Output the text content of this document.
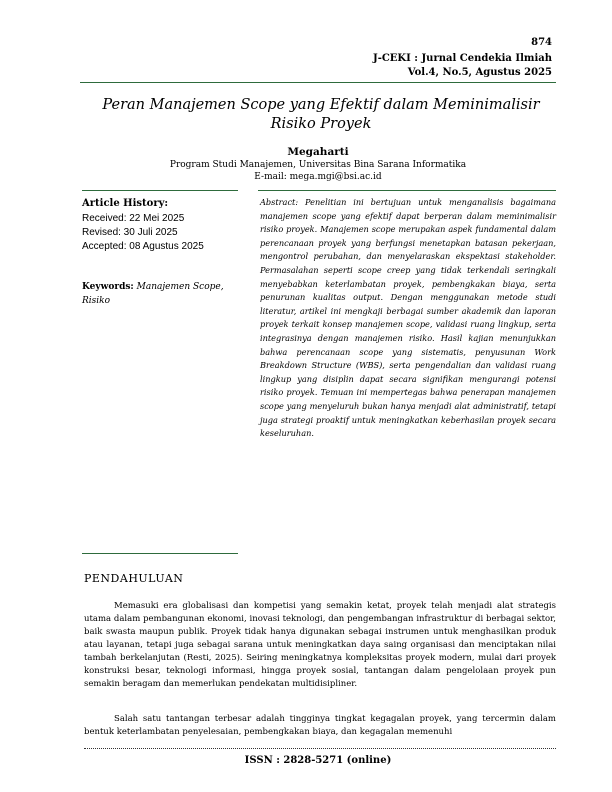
874
J-CEKI : Jurnal Cendekia Ilmiah
Vol.4, No.5, Agustus 2025
Peran Manajemen Scope yang Efektif dalam Meminimalisir Risiko Proyek
Megaharti
Program Studi Manajemen, Universitas Bina Sarana Informatika
E-mail: mega.mgi@bsi.ac.id
Article History:
Received: 22 Mei 2025
Revised: 30 Juli 2025
Accepted: 08 Agustus 2025
Keywords: Manajemen Scope, Risiko
Abstract: Penelitian ini bertujuan untuk menganalisis bagaimana manajemen scope yang efektif dapat berperan dalam meminimalisir risiko proyek. Manajemen scope merupakan aspek fundamental dalam perencanaan proyek yang berfungsi menetapkan batasan pekerjaan, mengontrol perubahan, dan menyelaraskan ekspektasi stakeholder. Permasalahan seperti scope creep yang tidak terkendali seringkali menyebabkan keterlambatan proyek, pembengkakan biaya, serta penurunan kualitas output. Dengan menggunakan metode studi literatur, artikel ini mengkaji berbagai sumber akademik dan laporan proyek terkait konsep manajemen scope, validasi ruang lingkup, serta integrasinya dengan manajemen risiko. Hasil kajian menunjukkan bahwa perencanaan scope yang sistematis, penyusunan Work Breakdown Structure (WBS), serta pengendalian dan validasi ruang lingkup yang disiplin dapat secara signifikan mengurangi potensi risiko proyek. Temuan ini mempertegas bahwa penerapan manajemen scope yang menyeluruh bukan hanya menjadi alat administratif, tetapi juga strategi proaktif untuk meningkatkan keberhasilan proyek secara keseluruhan.
PENDAHULUAN
Memasuki era globalisasi dan kompetisi yang semakin ketat, proyek telah menjadi alat strategis utama dalam pembangunan ekonomi, inovasi teknologi, dan pengembangan infrastruktur di berbagai sektor, baik swasta maupun publik. Proyek tidak hanya digunakan sebagai instrumen untuk menghasilkan produk atau layanan, tetapi juga sebagai sarana untuk meningkatkan daya saing organisasi dan menciptakan nilai tambah berkelanjutan (Resti, 2025). Seiring meningkatnya kompleksitas proyek modern, mulai dari proyek konstruksi besar, teknologi informasi, hingga proyek sosial, tantangan dalam pengelolaan proyek pun semakin beragam dan memerlukan pendekatan multidisipliner.
Salah satu tantangan terbesar adalah tingginya tingkat kegagalan proyek, yang tercermin dalam bentuk keterlambatan penyelesaian, pembengkakan biaya, dan kegagalan memenuhi
ISSN : 2828-5271 (online)
